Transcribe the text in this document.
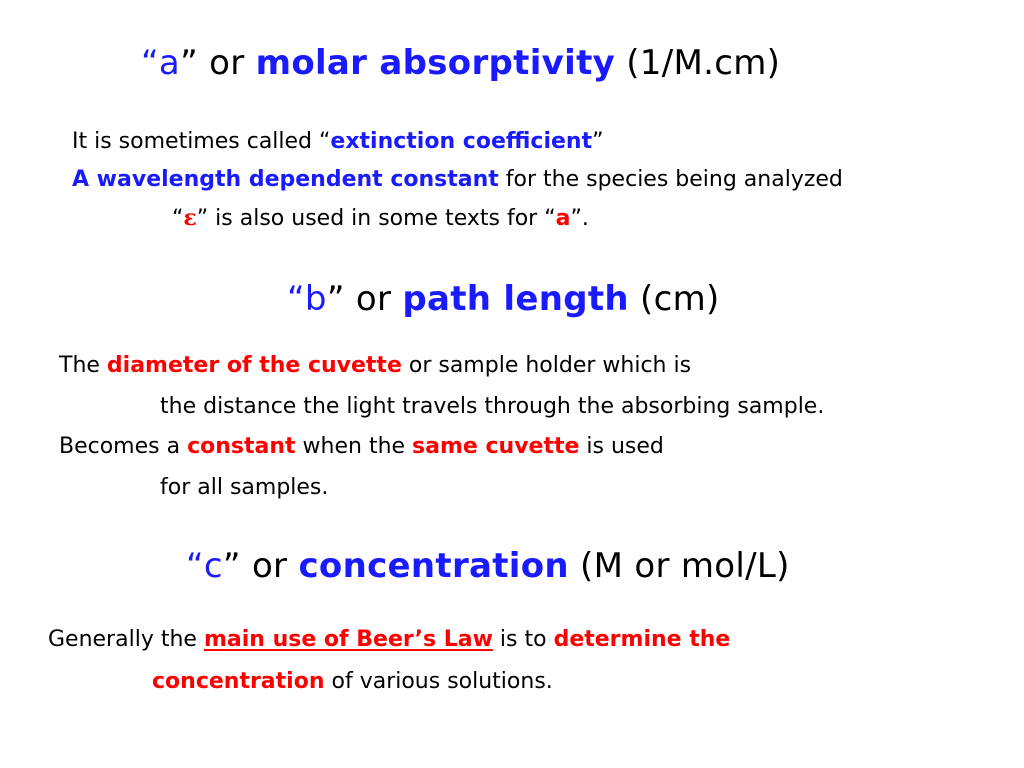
“a” or molar absorptivity (1/M.cm)
It is sometimes called “extinction coefficient”
A wavelength dependent constant for the species being analyzed
“ε” is also used in some texts for “a”.
“b” or path length (cm)
The diameter of the cuvette or sample holder which is
the distance the light travels through the absorbing sample.
Becomes a constant when the same cuvette is used
for all samples.
“c” or concentration (M or mol/L)
Generally the main use of Beer’s Law is to determine the
concentration of various solutions.
